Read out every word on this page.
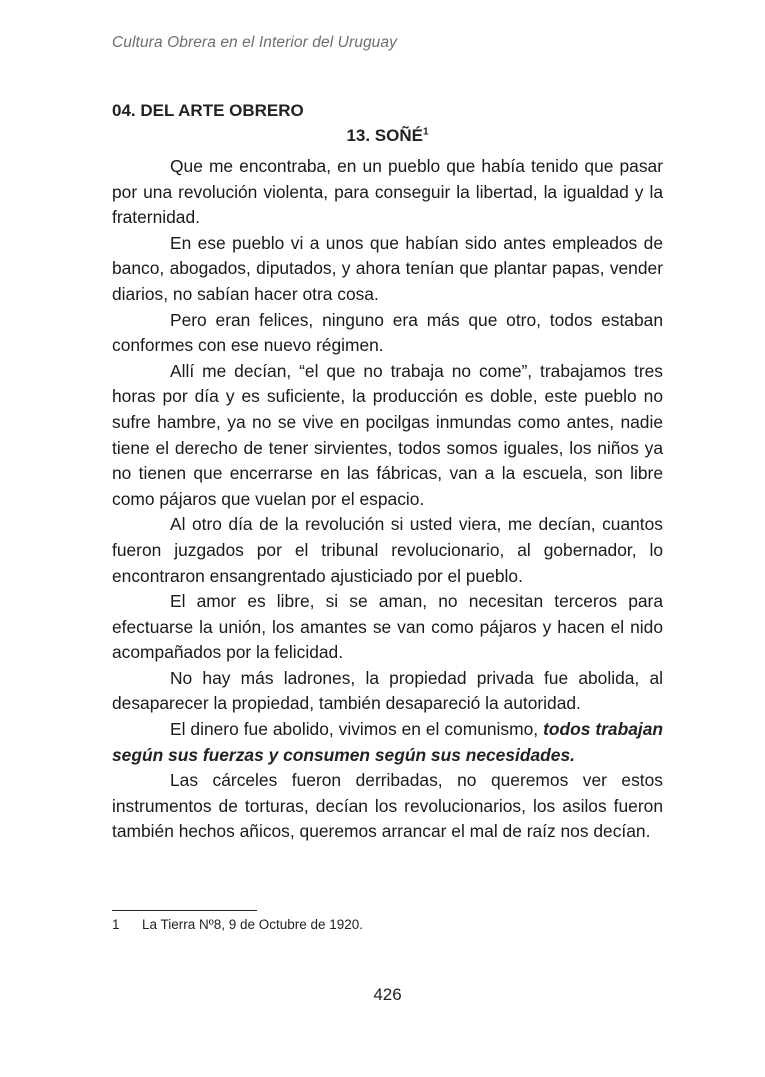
Cultura Obrera en el Interior del Uruguay
04. DEL ARTE OBRERO
13. SOÑÉ$^1$

Que me encontraba, en un pueblo que había tenido que pasar por una revolución violenta, para conseguir la libertad, la igualdad y la fraternidad.

En ese pueblo vi a unos que habían sido antes empleados de banco, abogados, diputados, y ahora tenían que plantar papas, vender diarios, no sabían hacer otra cosa.

Pero eran felices, ninguno era más que otro, todos estaban conformes con ese nuevo régimen.

Allí me decían, “el que no trabaja no come”, trabajamos tres horas por día y es suficiente, la producción es doble, este pueblo no sufre hambre, ya no se vive en pocilgas inmundas como antes, nadie tiene el derecho de tener sirvientes, todos somos iguales, los niños ya no tienen que encerrarse en las fábricas, van a la escuela, son libre como pájaros que vuelan por el espacio.

Al otro día de la revolución si usted viera, me decían, cuantos fueron juzgados por el tribunal revolucionario, al gobernador, lo encontraron ensangrentado ajusticiado por el pueblo.

El amor es libre, si se aman, no necesitan terceros para efectuarse la unión, los amantes se van como pájaros y hacen el nido acompañados por la felicidad.

No hay más ladrones, la propiedad privada fue abolida, al desaparecer la propiedad, también desapareció la autoridad.

El dinero fue abolido, vivimos en el comunismo, todos trabajan según sus fuerzas y consumen según sus necesidades.

Las cárceles fueron derribadas, no queremos ver estos instrumentos de torturas, decían los revolucionarios, los asilos fueron también hechos añicos, queremos arrancar el mal de raíz nos decían.

1 La Tierra Nº8, 9 de Octubre de 1920.
426
